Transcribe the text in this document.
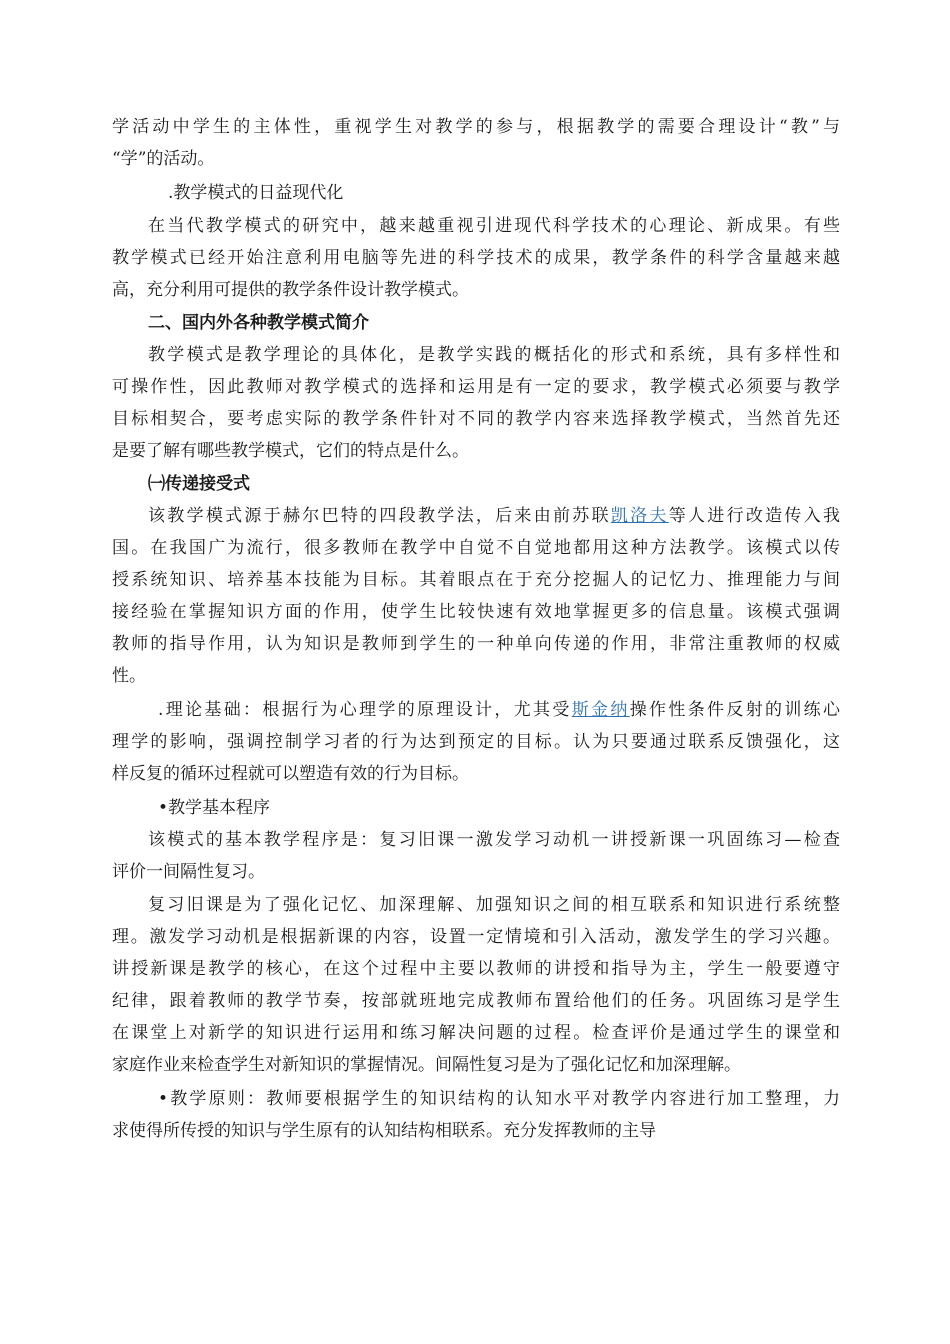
学活动中学生的主体性，重视学生对教学的参与，根据教学的需要合理设计“教”与
“学”的活动。
.教学模式的日益现代化
在当代教学模式的研究中，越来越重视引进现代科学技术的心理论、新成果。有些
教学模式已经开始注意利用电脑等先进的科学技术的成果，教学条件的科学含量越来越
高，充分利用可提供的教学条件设计教学模式。
二、国内外各种教学模式简介
教学模式是教学理论的具体化，是教学实践的概括化的形式和系统，具有多样性和
可操作性，因此教师对教学模式的选择和运用是有一定的要求，教学模式必须要与教学
目标相契合，要考虑实际的教学条件针对不同的教学内容来选择教学模式，当然首先还
是要了解有哪些教学模式，它们的特点是什么。
㈠传递接受式
该教学模式源于赫尔巴特的四段教学法，后来由前苏联凯洛夫等人进行改造传入我
国。在我国广为流行，很多教师在教学中自觉不自觉地都用这种方法教学。该模式以传
授系统知识、培养基本技能为目标。其着眼点在于充分挖掘人的记忆力、推理能力与间
接经验在掌握知识方面的作用，使学生比较快速有效地掌握更多的信息量。该模式强调
教师的指导作用，认为知识是教师到学生的一种单向传递的作用，非常注重教师的权威
性。
.理论基础：根据行为心理学的原理设计，尤其受斯金纳操作性条件反射的训练心
理学的影响，强调控制学习者的行为达到预定的目标。认为只要通过联系反馈强化，这
样反复的循环过程就可以塑造有效的行为目标。
•教学基本程序
该模式的基本教学程序是：复习旧课一激发学习动机一讲授新课一巩固练习—检查
评价一间隔性复习。
复习旧课是为了强化记忆、加深理解、加强知识之间的相互联系和知识进行系统整
理。激发学习动机是根据新课的内容，设置一定情境和引入活动，激发学生的学习兴趣。
讲授新课是教学的核心，在这个过程中主要以教师的讲授和指导为主，学生一般要遵守
纪律，跟着教师的教学节奏，按部就班地完成教师布置给他们的任务。巩固练习是学生
在课堂上对新学的知识进行运用和练习解决问题的过程。检查评价是通过学生的课堂和
家庭作业来检查学生对新知识的掌握情况。间隔性复习是为了强化记忆和加深理解。
•教学原则：教师要根据学生的知识结构的认知水平对教学内容进行加工整理，力
求使得所传授的知识与学生原有的认知结构相联系。充分发挥教师的主导
